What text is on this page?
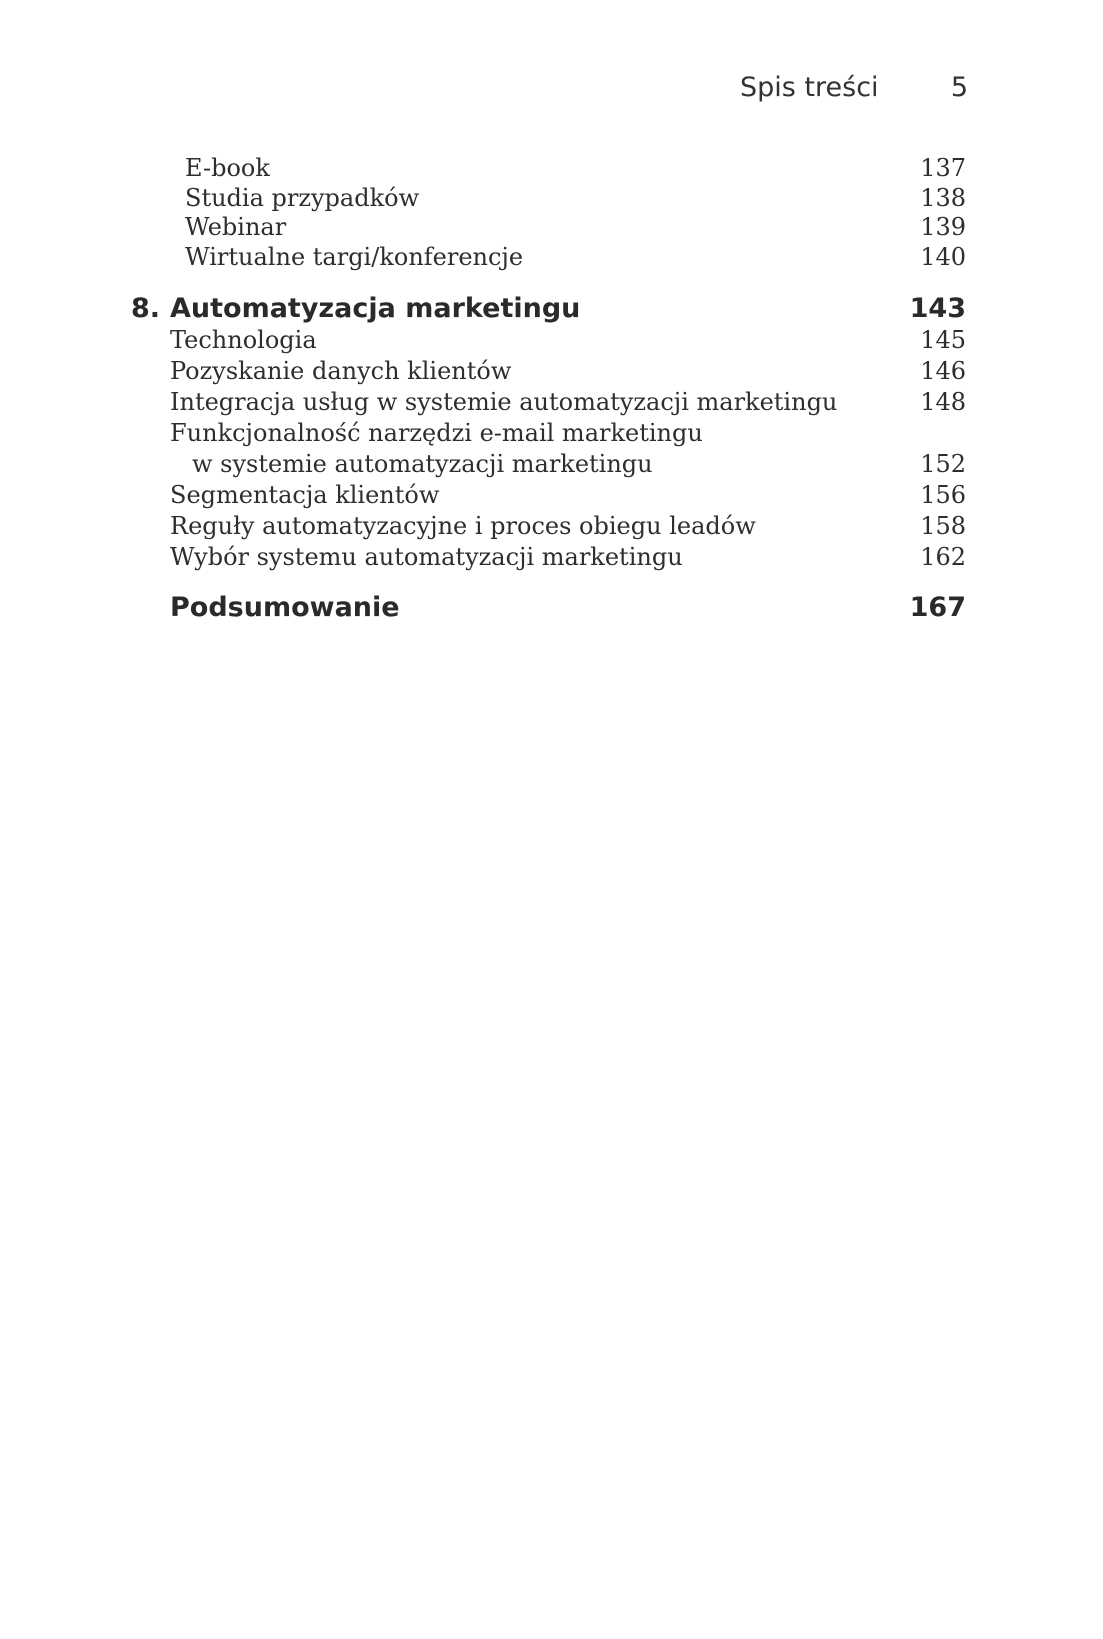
Spis treści	5
E-book	137
Studia przypadków	138
Webinar	139
Wirtualne targi/konferencje	140
8. Automatyzacja marketingu	143
Technologia	145
Pozyskanie danych klientów	146
Integracja usług w systemie automatyzacji marketingu	148
Funkcjonalność narzędzi e-mail marketingu
w systemie automatyzacji marketingu	152
Segmentacja klientów	156
Reguły automatyzacyjne i proces obiegu leadów	158
Wybór systemu automatyzacji marketingu	162
Podsumowanie	167
